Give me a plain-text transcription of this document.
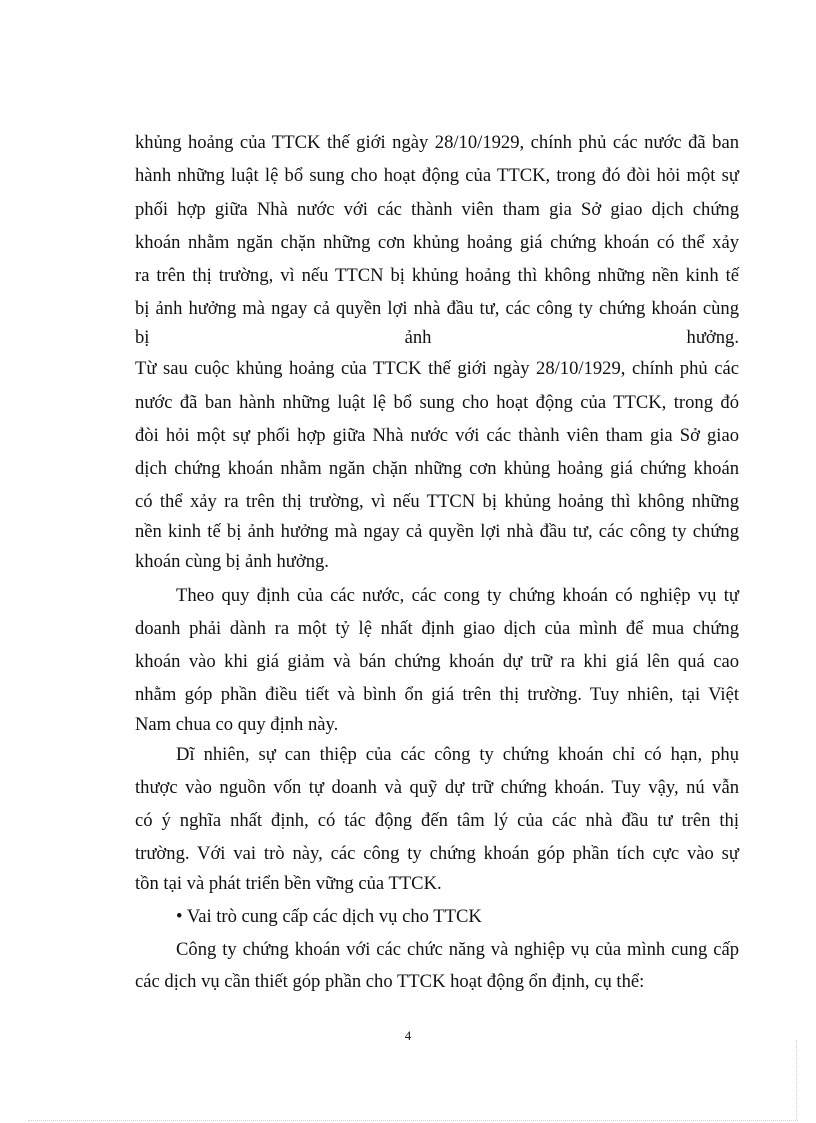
khủng hoảng của TTCK thế giới ngày 28/10/1929, chính phủ các nước đã ban
hành những luật lệ bổ sung cho hoạt động của TTCK, trong đó đòi hỏi một sự
phối hợp giữa Nhà nước với các thành viên tham gia Sở giao dịch chứng
khoán nhằm ngăn chặn những cơn khủng hoảng giá chứng khoán có thể xảy
ra trên thị trường, vì nếu TTCN bị khủng hoảng thì không những nền kinh tế
bị ảnh hưởng mà ngay cả quyền lợi nhà đầu tư, các công ty chứng khoán cùng
bị ảnh hưởng.
Từ sau cuộc khủng hoảng của TTCK thế giới ngày 28/10/1929, chính phủ các
nước đã ban hành những luật lệ bổ sung cho hoạt động của TTCK, trong đó
đòi hỏi một sự phối hợp giữa Nhà nước với các thành viên tham gia Sở giao
dịch chứng khoán nhằm ngăn chặn những cơn khủng hoảng giá chứng khoán
có thể xảy ra trên thị trường, vì nếu TTCN bị khủng hoảng thì không những
nền kinh tế bị ảnh hưởng mà ngay cả quyền lợi nhà đầu tư, các công ty chứng
khoán cùng bị ảnh hưởng.
Theo quy định của các nước, các cong ty chứng khoán có nghiệp vụ tự
doanh phải dành ra một tỷ lệ nhất định giao dịch của mình để mua chứng
khoán vào khi giá giảm và bán chứng khoán dự trữ ra khi giá lên quá cao
nhằm góp phần điều tiết và bình ổn giá trên thị trường. Tuy nhiên, tại Việt
Nam chua co quy định này.
Dĩ nhiên, sự can thiệp của các công ty chứng khoán chỉ có hạn, phụ
thược vào nguồn vốn tự doanh và quỹ dự trữ chứng khoán. Tuy vậy, nú vẫn
có ý nghĩa nhất định, có tác động đến tâm lý của các nhà đầu tư trên thị
trường. Với vai trò này, các công ty chứng khoán góp phần tích cực vào sự
tồn tại và phát triển bền vững của TTCK.
• Vai trò cung cấp các dịch vụ cho TTCK
Công ty chứng khoán với các chức năng và nghiệp vụ của mình cung cấp
các dịch vụ cần thiết góp phần cho TTCK hoạt động ổn định, cụ thể:
4
